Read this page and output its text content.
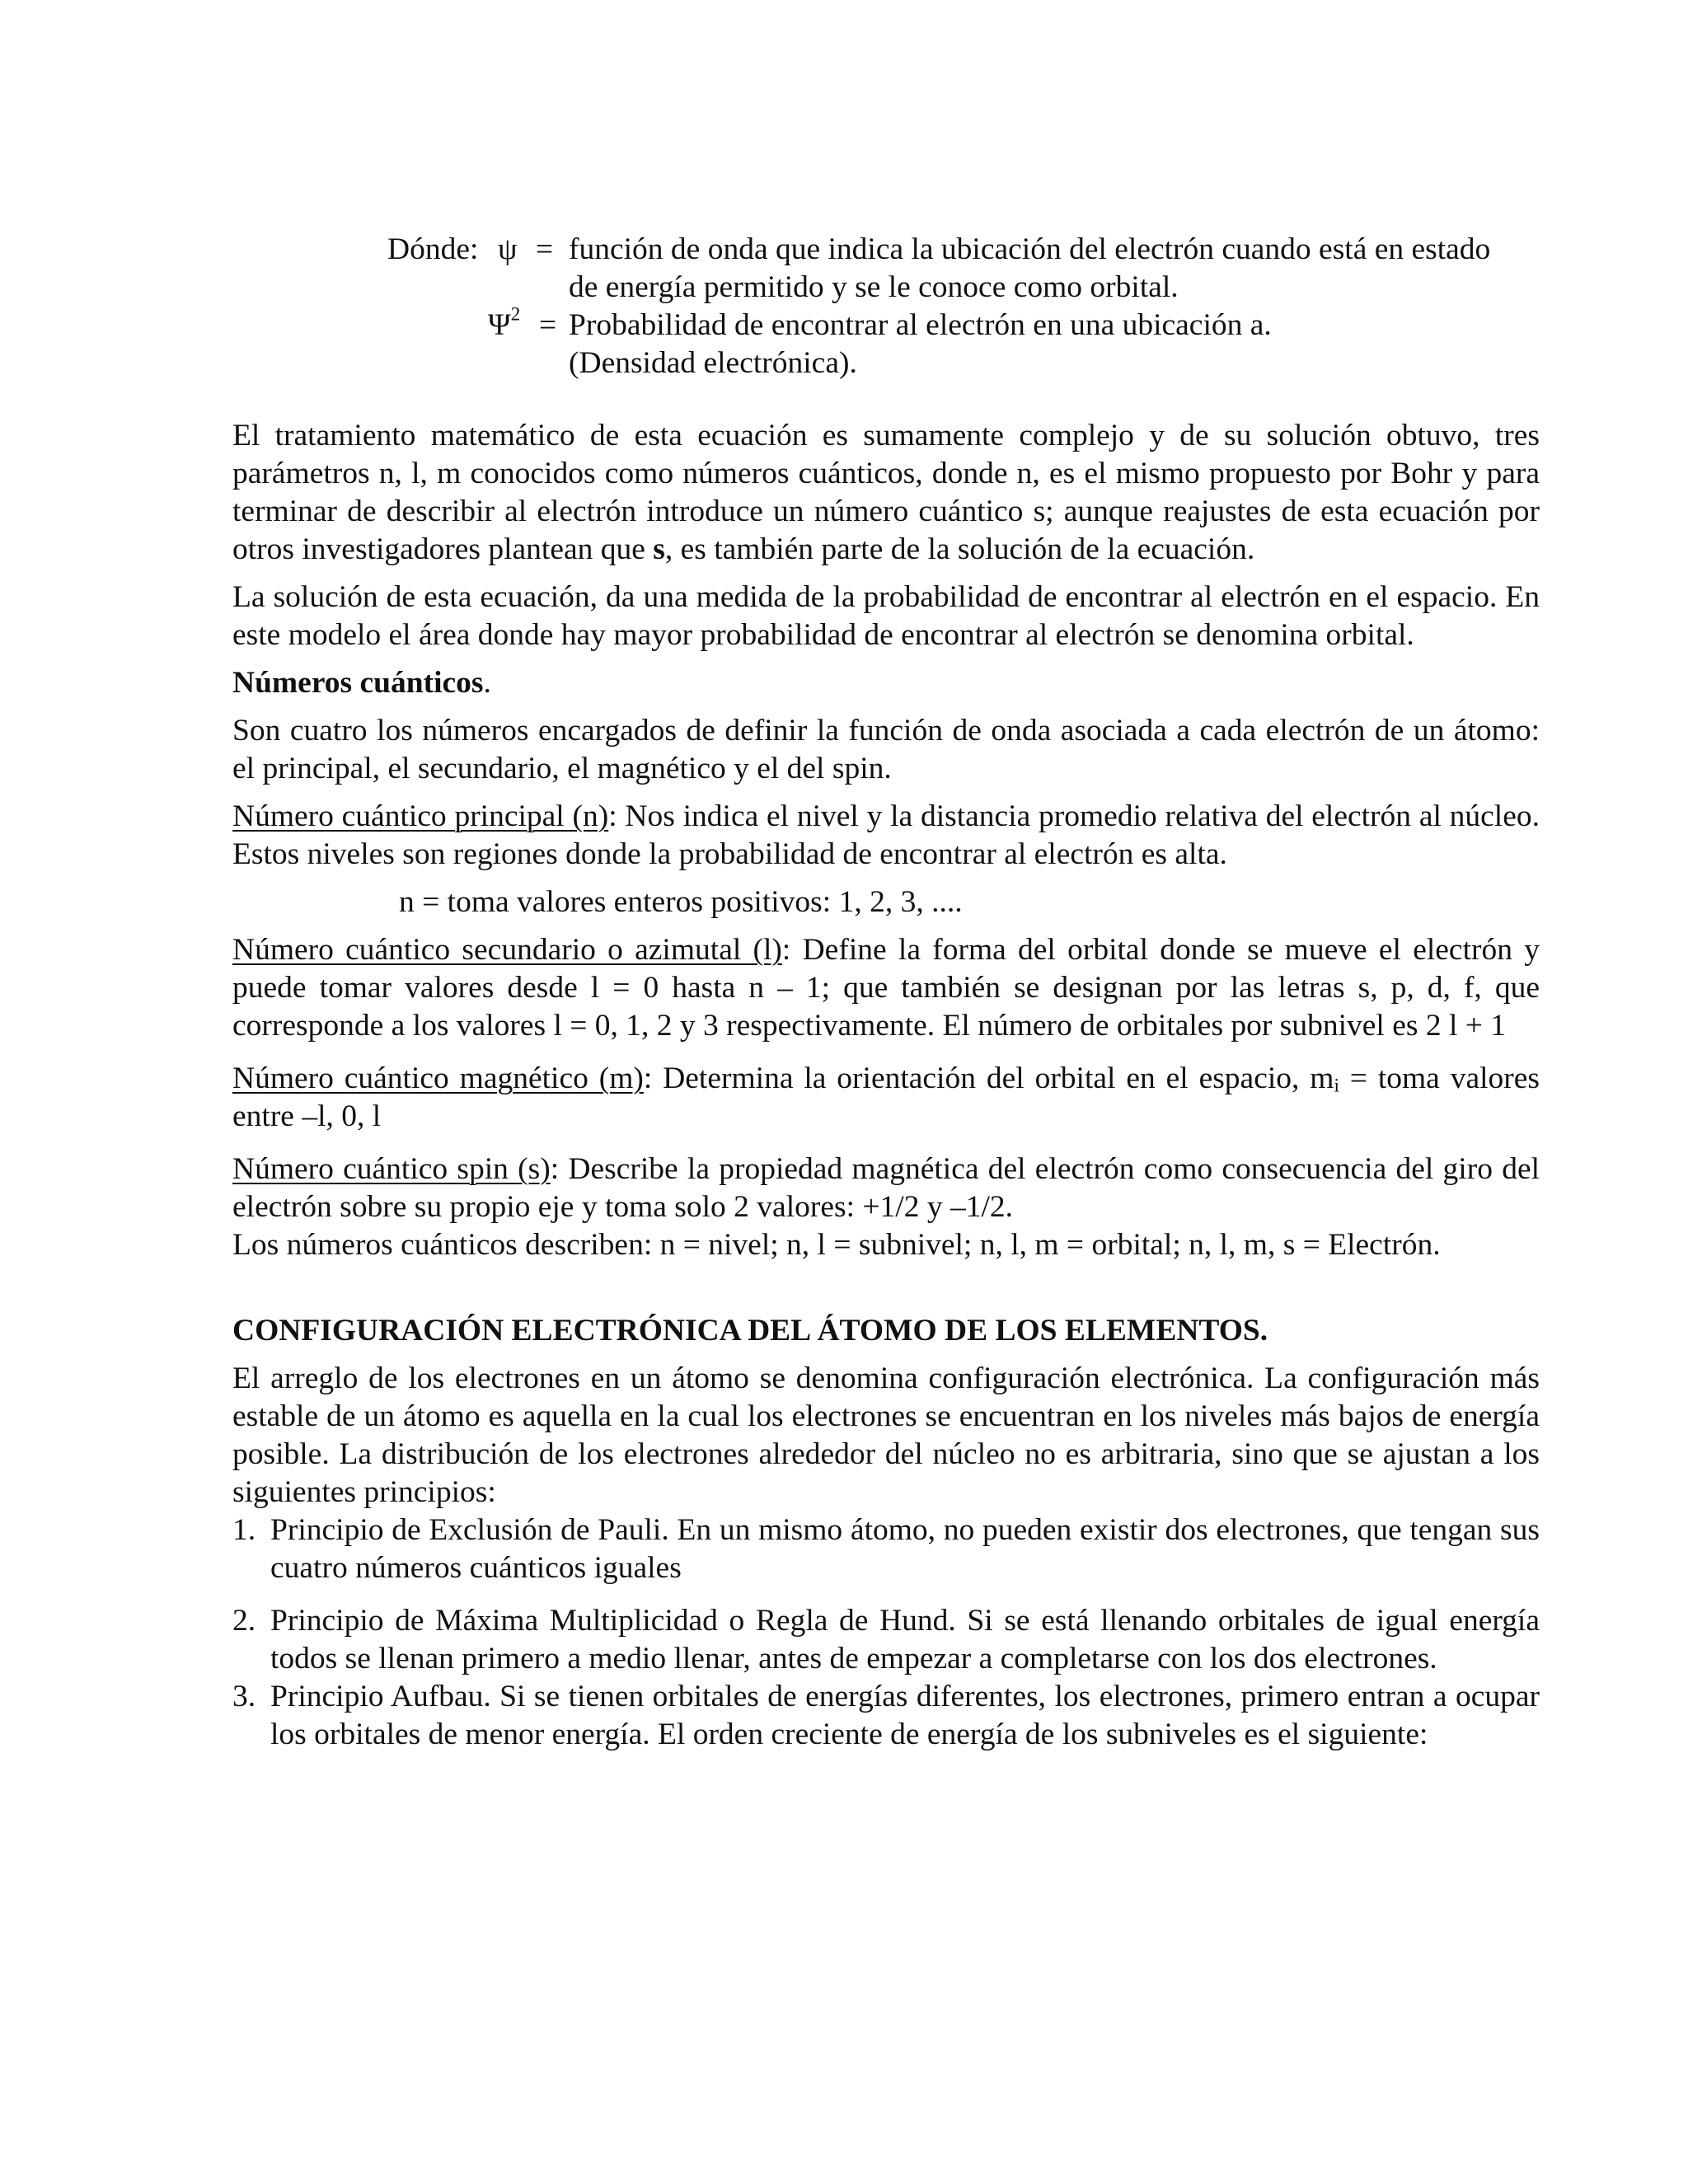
Dónde: ψ = función de onda que indica la ubicación del electrón cuando está en estado
de energía permitido y se le conoce como orbital.
$\Psi^2$ = Probabilidad de encontrar al electrón en una ubicación a.
(Densidad electrónica).

El tratamiento matemático de esta ecuación es sumamente complejo y de su solución obtuvo, tres parámetros n, l, m conocidos como números cuánticos, donde n, es el mismo propuesto por Bohr y para terminar de describir al electrón introduce un número cuántico s; aunque reajustes de esta ecuación por otros investigadores plantean que s, es también parte de la solución de la ecuación.

La solución de esta ecuación, da una medida de la probabilidad de encontrar al electrón en el espacio. En este modelo el área donde hay mayor probabilidad de encontrar al electrón se denomina orbital.

Números cuánticos.

Son cuatro los números encargados de definir la función de onda asociada a cada electrón de un átomo: el principal, el secundario, el magnético y el del spin.

Número cuántico principal (n): Nos indica el nivel y la distancia promedio relativa del electrón al núcleo. Estos niveles son regiones donde la probabilidad de encontrar al electrón es alta.

n = toma valores enteros positivos: 1, 2, 3, ....

Número cuántico secundario o azimutal (l): Define la forma del orbital donde se mueve el electrón y puede tomar valores desde l = 0 hasta n – 1; que también se designan por las letras s, p, d, f, que corresponde a los valores l = 0, 1, 2 y 3 respectivamente. El número de orbitales por subnivel es 2 l + 1

Número cuántico magnético (m): Determina la orientación del orbital en el espacio, $m_i$ = toma valores entre –l, 0, l

Número cuántico spin (s): Describe la propiedad magnética del electrón como consecuencia del giro del electrón sobre su propio eje y toma solo 2 valores: +1/2 y –1/2.

Los números cuánticos describen: n = nivel; n, l = subnivel; n, l, m = orbital; n, l, m, s = Electrón.

CONFIGURACIÓN ELECTRÓNICA DEL ÁTOMO DE LOS ELEMENTOS.

El arreglo de los electrones en un átomo se denomina configuración electrónica. La configuración más estable de un átomo es aquella en la cual los electrones se encuentran en los niveles más bajos de energía posible. La distribución de los electrones alrededor del núcleo no es arbitraria, sino que se ajustan a los siguientes principios:

1. Principio de Exclusión de Pauli. En un mismo átomo, no pueden existir dos electrones, que tengan sus cuatro números cuánticos iguales
2. Principio de Máxima Multiplicidad o Regla de Hund. Si se está llenando orbitales de igual energía todos se llenan primero a medio llenar, antes de empezar a completarse con los dos electrones.
3. Principio Aufbau. Si se tienen orbitales de energías diferentes, los electrones, primero entran a ocupar los orbitales de menor energía. El orden creciente de energía de los subniveles es el siguiente:
